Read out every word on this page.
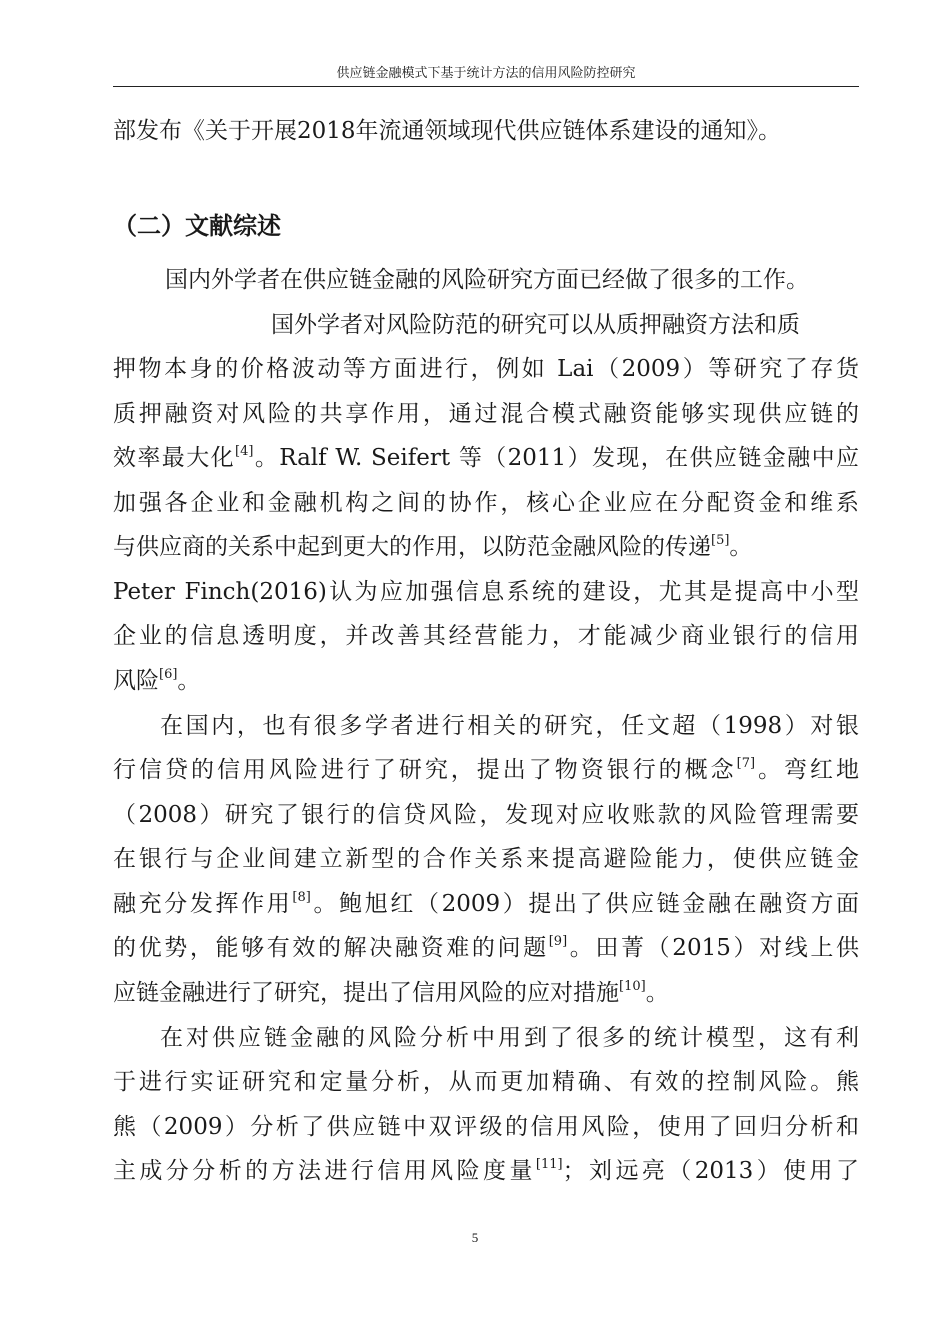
供应链金融模式下基于统计方法的信用风险防控研究
部发布《关于开展2018年流通领域现代供应链体系建设的通知》。
（二）文献综述
国内外学者在供应链金融的风险研究方面已经做了很多的工作。
国外学者对风险防范的研究可以从质押融资方法和质
押物本身的价格波动等方面进行，例如 Lai（2009）等研究了存货
质押融资对风险的共享作用，通过混合模式融资能够实现供应链的
效率最大化[4]。Ralf W. Seifert 等（2011）发现，在供应链金融中应
加强各企业和金融机构之间的协作，核心企业应在分配资金和维系
与供应商的关系中起到更大的作用，以防范金融风险的传递[5]。
Peter Finch(2016)认为应加强信息系统的建设，尤其是提高中小型
企业的信息透明度，并改善其经营能力，才能减少商业银行的信用
风险[6]。
在国内，也有很多学者进行相关的研究，任文超（1998）对银
行信贷的信用风险进行了研究，提出了物资银行的概念[7]。弯红地
（2008）研究了银行的信贷风险，发现对应收账款的风险管理需要
在银行与企业间建立新型的合作关系来提高避险能力，使供应链金
融充分发挥作用[8]。鲍旭红（2009）提出了供应链金融在融资方面
的优势，能够有效的解决融资难的问题[9]。田菁（2015）对线上供
应链金融进行了研究，提出了信用风险的应对措施[10]。
在对供应链金融的风险分析中用到了很多的统计模型，这有利
于进行实证研究和定量分析，从而更加精确、有效的控制风险。熊
熊（2009）分析了供应链中双评级的信用风险，使用了回归分析和
主成分分析的方法进行信用风险度量[11]；刘远亮（2013）使用了
5
